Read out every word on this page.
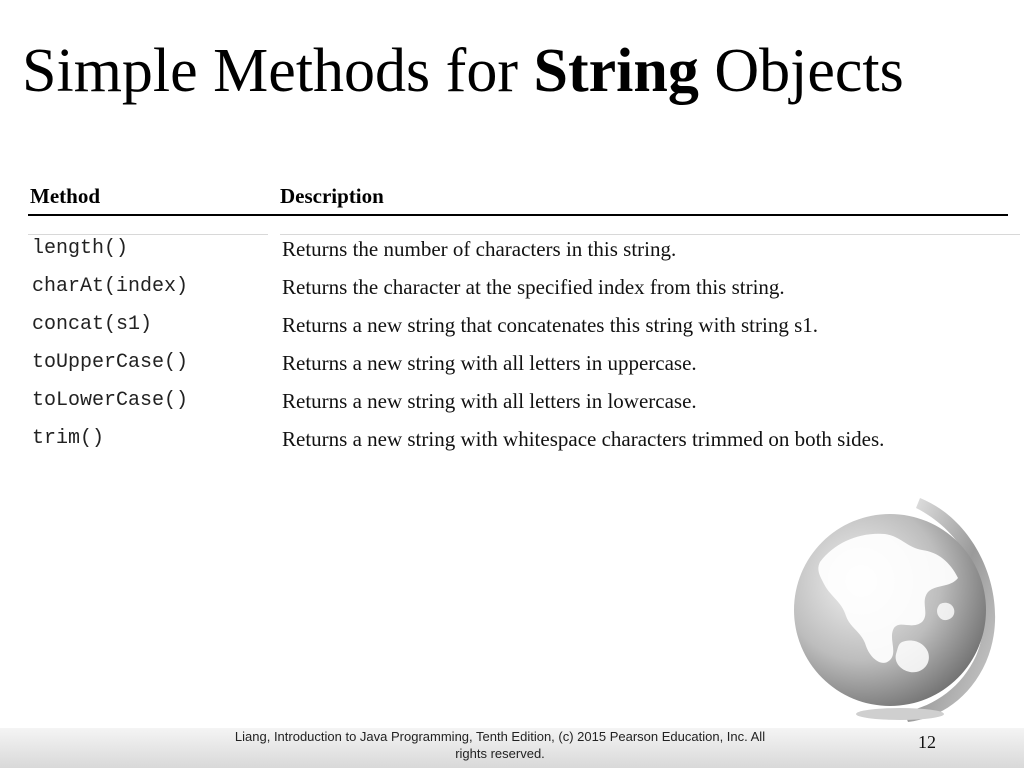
Simple Methods for String Objects
Method	Description
length()	Returns the number of characters in this string.
charAt(index)	Returns the character at the specified index from this string.
concat(s1)	Returns a new string that concatenates this string with string s1.
toUpperCase()	Returns a new string with all letters in uppercase.
toLowerCase()	Returns a new string with all letters in lowercase.
trim()	Returns a new string with whitespace characters trimmed on both sides.
Liang, Introduction to Java Programming, Tenth Edition, (c) 2015 Pearson Education, Inc. All
rights reserved.
12
